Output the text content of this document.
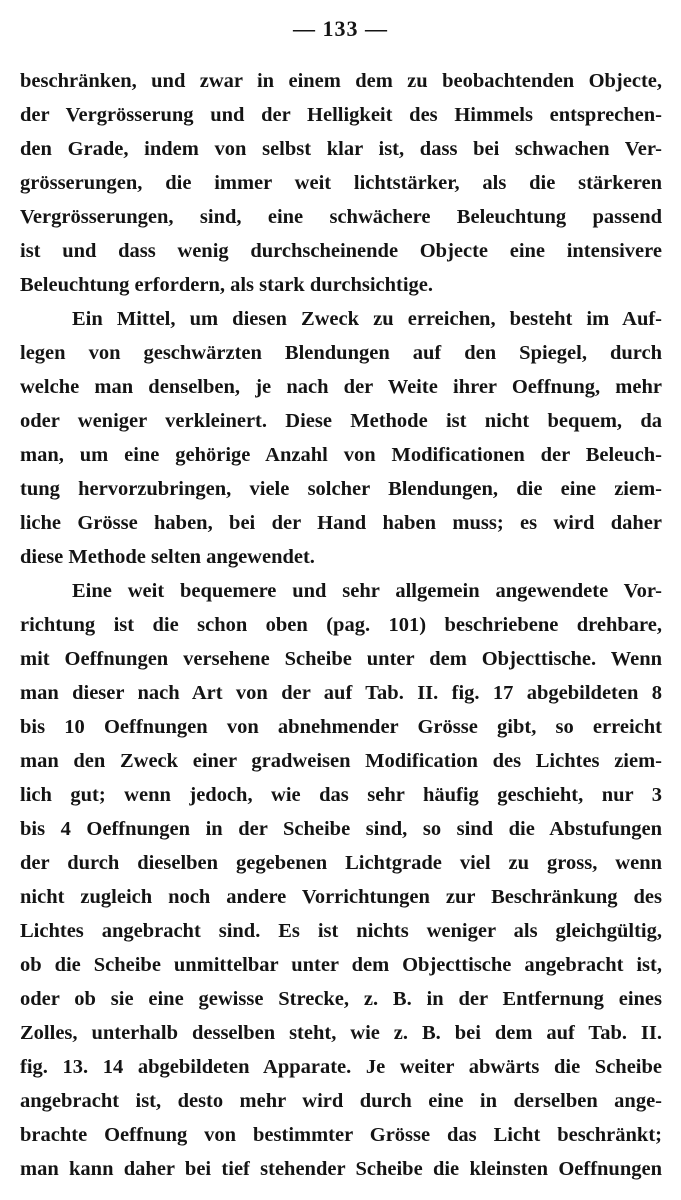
— 133 —
beschränken, und zwar in einem dem zu beobachtenden Objecte,
der Vergrösserung und der Helligkeit des Himmels entsprechen-
den Grade, indem von selbst klar ist, dass bei schwachen Ver-
grösserungen, die immer weit lichtstärker, als die stärkeren
Vergrösserungen, sind, eine schwächere Beleuchtung passend
ist und dass wenig durchscheinende Objecte eine intensivere
Beleuchtung erfordern, als stark durchsichtige.
Ein Mittel, um diesen Zweck zu erreichen, besteht im Auf-
legen von geschwärzten Blendungen auf den Spiegel, durch
welche man denselben, je nach der Weite ihrer Oeffnung, mehr
oder weniger verkleinert. Diese Methode ist nicht bequem, da
man, um eine gehörige Anzahl von Modificationen der Beleuch-
tung hervorzubringen, viele solcher Blendungen, die eine ziem-
liche Grösse haben, bei der Hand haben muss; es wird daher
diese Methode selten angewendet.
Eine weit bequemere und sehr allgemein angewendete Vor-
richtung ist die schon oben (pag. 101) beschriebene drehbare,
mit Oeffnungen versehene Scheibe unter dem Objecttische. Wenn
man dieser nach Art von der auf Tab. II. fig. 17 abgebildeten 8
bis 10 Oeffnungen von abnehmender Grösse gibt, so erreicht
man den Zweck einer gradweisen Modification des Lichtes ziem-
lich gut; wenn jedoch, wie das sehr häufig geschieht, nur 3
bis 4 Oeffnungen in der Scheibe sind, so sind die Abstufungen
der durch dieselben gegebenen Lichtgrade viel zu gross, wenn
nicht zugleich noch andere Vorrichtungen zur Beschränkung des
Lichtes angebracht sind. Es ist nichts weniger als gleichgültig,
ob die Scheibe unmittelbar unter dem Objecttische angebracht ist,
oder ob sie eine gewisse Strecke, z. B. in der Entfernung eines
Zolles, unterhalb desselben steht, wie z. B. bei dem auf Tab. II.
fig. 13. 14 abgebildeten Apparate. Je weiter abwärts die Scheibe
angebracht ist, desto mehr wird durch eine in derselben ange-
brachte Oeffnung von bestimmter Grösse das Licht beschränkt;
man kann daher bei tief stehender Scheibe die kleinsten Oeffnungen
